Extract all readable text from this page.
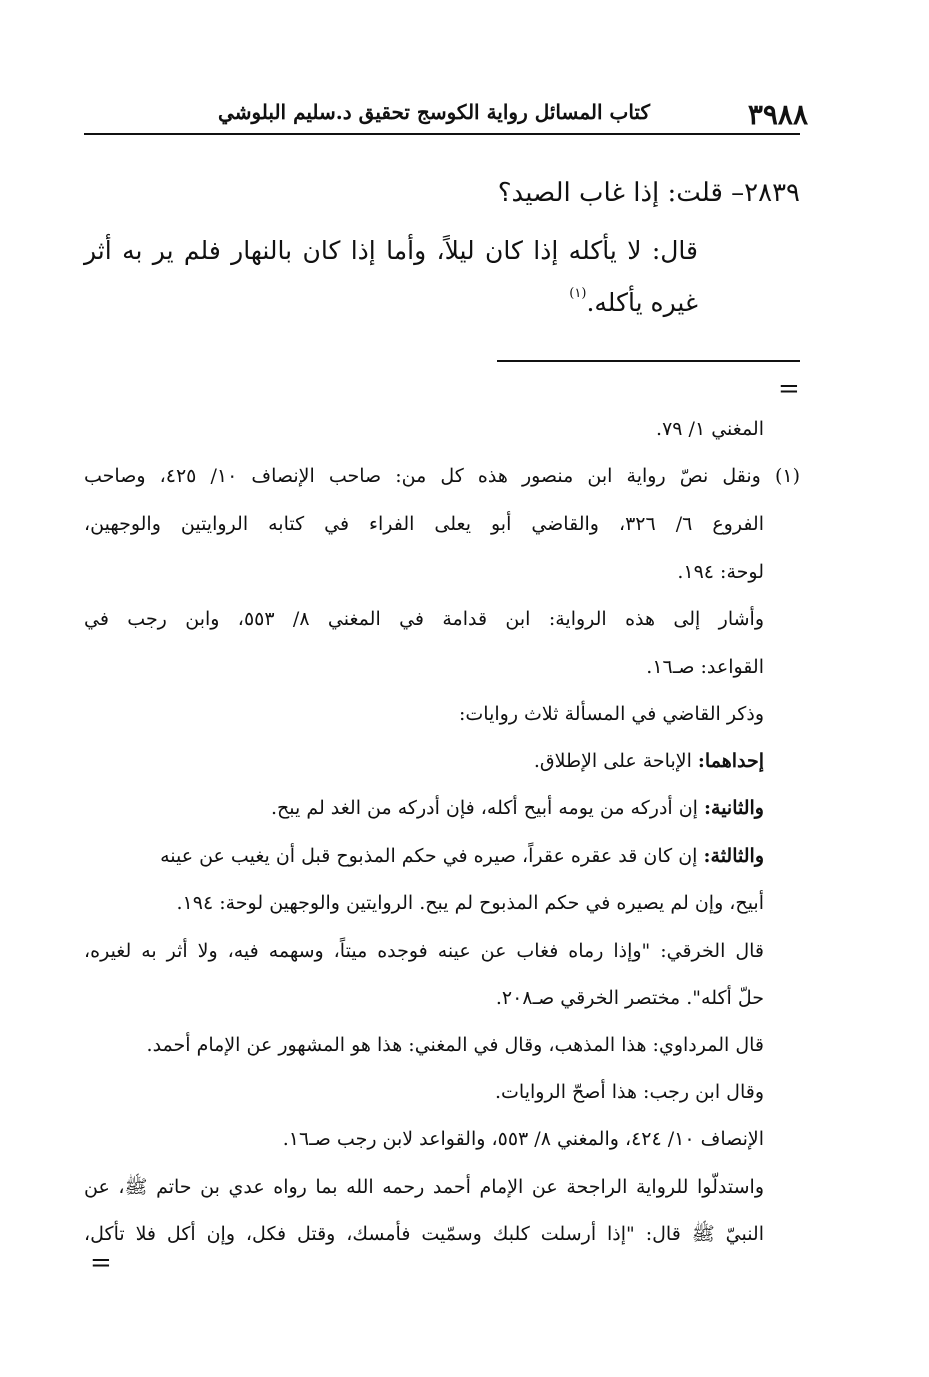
٣٩٨٨
كتاب المسائل رواية الكوسج تحقيق د.سليم البلوشي
٢٨٣٩– قلت: إذا غاب الصيد؟
قال: لا يأكله إذا كان ليلاً، وأما إذا كان بالنهار فلم ير به أثر
غيره يأكله.$^{(١)}$
=
المغني ١/ ٧٩.
(١) ونقل نصّ رواية ابن منصور هذه كل من: صاحب الإنصاف ١٠/ ٤٢٥، وصاحب
الفروع ٦/ ٣٢٦، والقاضي أبو يعلى الفراء في كتابه الروايتين والوجهين،
لوحة: ١٩٤.
وأشار إلى هذه الرواية: ابن قدامة في المغني ٨/ ٥٥٣، وابن رجب في
القواعد: صـ١٦.
وذكر القاضي في المسألة ثلاث روايات:
إحداهما: الإباحة على الإطلاق.
والثانية: إن أدركه من يومه أبيح أكله، فإن أدركه من الغد لم يبح.
والثالثة: إن كان قد عقره عقراً، صيره في حكم المذبوح قبل أن يغيب عن عينه
أبيح، وإن لم يصيره في حكم المذبوح لم يبح. الروايتين والوجهين لوحة: ١٩٤.
قال الخرقي: "وإذا رماه فغاب عن عينه فوجده ميتاً، وسهمه فيه، ولا أثر به لغيره،
حلّ أكله". مختصر الخرقي صـ٢٠٨.
قال المرداوي: هذا المذهب، وقال في المغني: هذا هو المشهور عن الإمام أحمد.
وقال ابن رجب: هذا أصحّ الروايات.
الإنصاف ١٠/ ٤٢٤، والمغني ٨/ ٥٥٣، والقواعد لابن رجب صـ١٦.
واستدلّوا للرواية الراجحة عن الإمام أحمد رحمه الله بما رواه عدي بن حاتم ﷺ، عن
النبيّ ﷺ قال: "إذا أرسلت كلبك وسمّيت فأمسك، وقتل فكل، وإن أكل فلا تأكل،
=
